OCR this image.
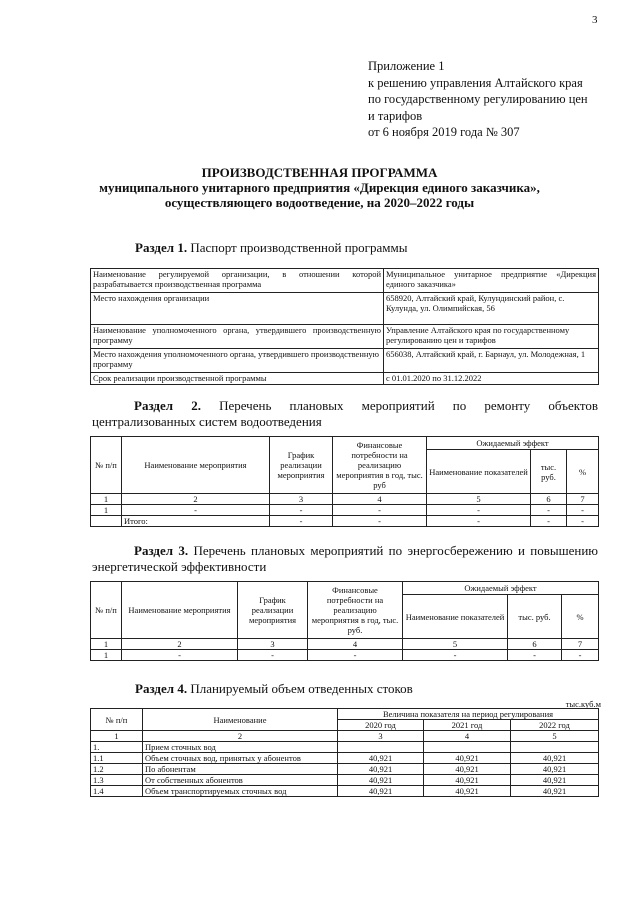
3
Приложение 1
к решению управления Алтайского края
по государственному регулированию цен
и тарифов
от 6 ноября 2019 года № 307
ПРОИЗВОДСТВЕННАЯ ПРОГРАММА
муниципального унитарного предприятия «Дирекция единого заказчика»,
осуществляющего водоотведение, на 2020–2022 годы
Раздел 1. Паспорт производственной программы
Наименование регулируемой организации, в отношении которой разрабатывается производственная программа	Муниципальное унитарное предприятие «Дирекция единого заказчика»
Место нахождения организации	658920, Алтайский край, Кулундинский район, с. Кулунда, ул. Олимпийская, 56
Наименование уполномоченного органа, утвердившего производственную программу	Управление Алтайского края по государственному регулированию цен и тарифов
Место нахождения уполномоченного органа, утвердившего производственную программу	656038, Алтайский край, г. Барнаул, ул. Молодежная, 1
Срок реализации производственной программы	с 01.01.2020 по 31.12.2022
Раздел 2. Перечень плановых мероприятий по ремонту объектов централизованных систем водоотведения
№ п/п	Наименование мероприятия	График реализации мероприятия	Финансовые потребности на реализацию мероприятия в год, тыс. руб	Ожидаемый эффект		
				Наименование показателей	тыс. руб.	%
1	2	3	4	5	6	7
1	-	-	-	-	-	-
	Итого:	-	-	-	-	-
Раздел 3. Перечень плановых мероприятий по энергосбережению и повышению энергетической эффективности
№ п/п	Наименование мероприятия	График реализации мероприятия	Финансовые потребности на реализацию мероприятия в год, тыс. руб.	Ожидаемый эффект		
				Наименование показателей	тыс. руб.	%
1	2	3	4	5	6	7
1	-	-	-	-	-	-
Раздел 4. Планируемый объем отведенных стоков
тыс.куб.м
№ п/п	Наименование	Величина показателя на период регулирования		
		2020 год	2021 год	2022 год
1	2	3	4	5
1.	Прием сточных вод			
1.1	Объем сточных вод, принятых у абонентов	40,921	40,921	40,921
1.2	По абонентам	40,921	40,921	40,921
1.3	От собственных абонентов	40,921	40,921	40,921
1.4	Объем транспортируемых сточных вод	40,921	40,921	40,921
